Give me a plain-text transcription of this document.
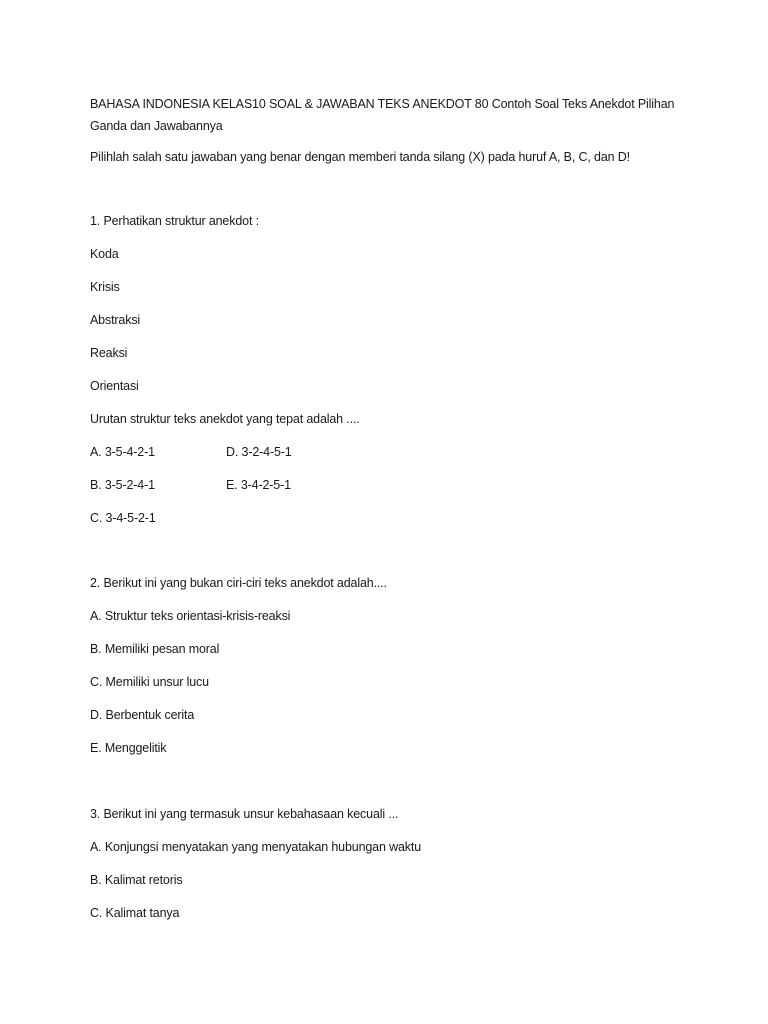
BAHASA INDONESIA KELAS10 SOAL & JAWABAN TEKS ANEKDOT 80 Contoh Soal Teks Anekdot Pilihan Ganda dan Jawabannya
Pilihlah salah satu jawaban yang benar dengan memberi tanda silang (X) pada huruf A, B, C, dan D!
1. Perhatikan struktur anekdot :
Koda
Krisis
Abstraksi
Reaksi
Orientasi
Urutan struktur teks anekdot yang tepat adalah ....
A. 3-5-4-2-1	D. 3-2-4-5-1
B. 3-5-2-4-1	E. 3-4-2-5-1
C. 3-4-5-2-1
2. Berikut ini yang bukan ciri-ciri teks anekdot adalah....
A. Struktur teks orientasi-krisis-reaksi
B. Memiliki pesan moral
C. Memiliki unsur lucu
D. Berbentuk cerita
E. Menggelitik
3. Berikut ini yang termasuk unsur kebahasaan kecuali ...
A. Konjungsi menyatakan yang menyatakan hubungan waktu
B. Kalimat retoris
C. Kalimat tanya
